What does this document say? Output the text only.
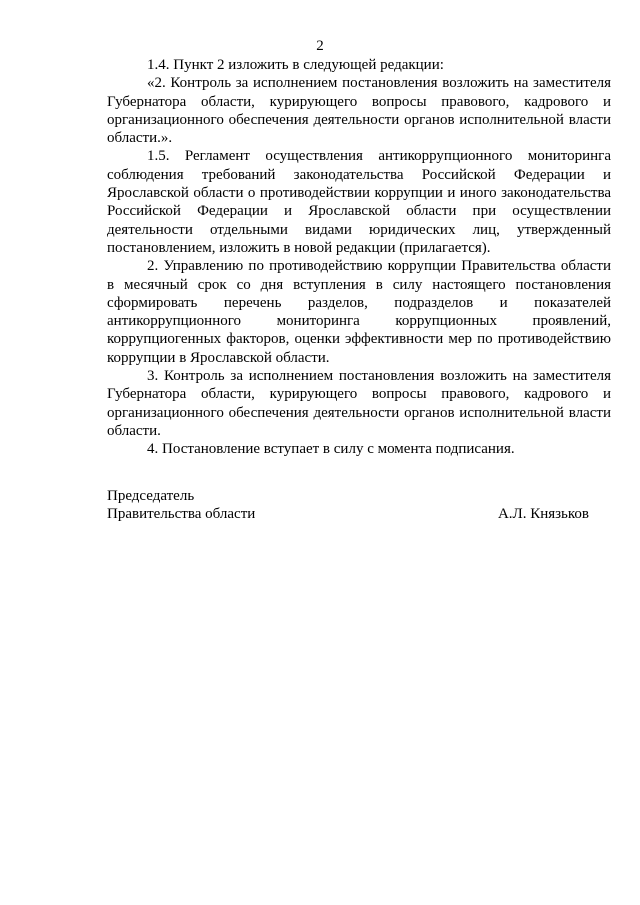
2

1.4. Пункт 2 изложить в следующей редакции:

«2. Контроль за исполнением постановления возложить на заместителя Губернатора области, курирующего вопросы правового, кадрового и организационного обеспечения деятельности органов исполнительной власти области.».

1.5. Регламент осуществления антикоррупционного мониторинга соблюдения требований законодательства Российской Федерации и Ярославской области о противодействии коррупции и иного законодательства Российской Федерации и Ярославской области при осуществлении деятельности отдельными видами юридических лиц, утвержденный постановлением, изложить в новой редакции (прилагается).

2. Управлению по противодействию коррупции Правительства области в месячный срок со дня вступления в силу настоящего постановления сформировать перечень разделов, подразделов и показателей антикоррупционного мониторинга коррупционных проявлений, коррупциогенных факторов, оценки эффективности мер по противодействию коррупции в Ярославской области.

3. Контроль за исполнением постановления возложить на заместителя Губернатора области, курирующего вопросы правового, кадрового и организационного обеспечения деятельности органов исполнительной власти области.

4. Постановление вступает в силу с момента подписания.

Председатель
Правительства области	А.Л. Князьков
